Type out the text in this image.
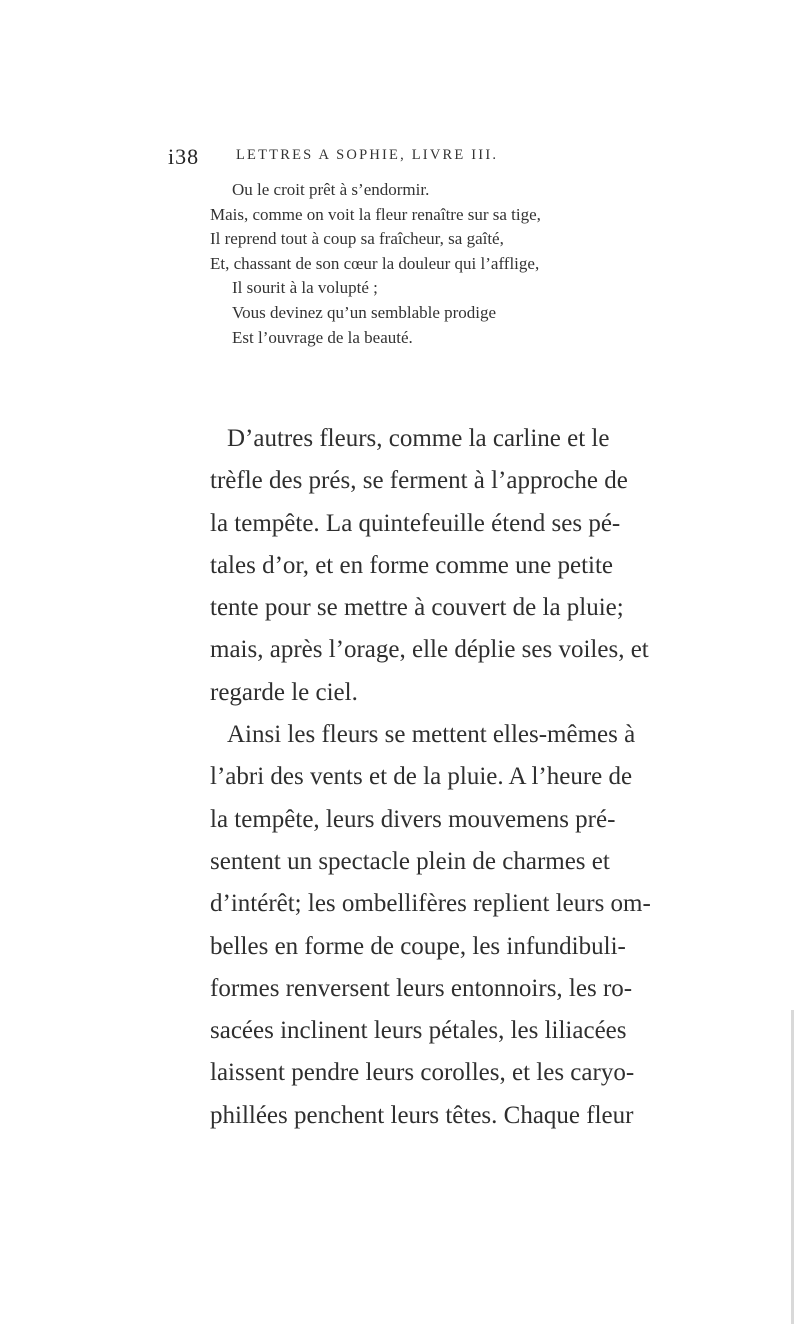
i38	LETTRES A SOPHIE, LIVRE III.
Ou le croit prêt à s’endormir.
Mais, comme on voit la fleur renaître sur sa tige,
Il reprend tout à coup sa fraîcheur, sa gaîté,
Et, chassant de son cœur la douleur qui l’afflige,
Il sourit à la volupté ;
Vous devinez qu’un semblable prodige
Est l’ouvrage de la beauté.
D’autres fleurs, comme la carline et le
trèfle des prés, se ferment à l’approche de
la tempête. La quintefeuille étend ses pé-
tales d’or, et en forme comme une petite
tente pour se mettre à couvert de la pluie;
mais, après l’orage, elle déplie ses voiles, et
regarde le ciel.
Ainsi les fleurs se mettent elles-mêmes à
l’abri des vents et de la pluie. A l’heure de
la tempête, leurs divers mouvemens pré-
sentent un spectacle plein de charmes et
d’intérêt; les ombellifères replient leurs om-
belles en forme de coupe, les infundibuli-
formes renversent leurs entonnoirs, les ro-
sacées inclinent leurs pétales, les liliacées
laissent pendre leurs corolles, et les caryo-
phillées penchent leurs têtes. Chaque fleur
